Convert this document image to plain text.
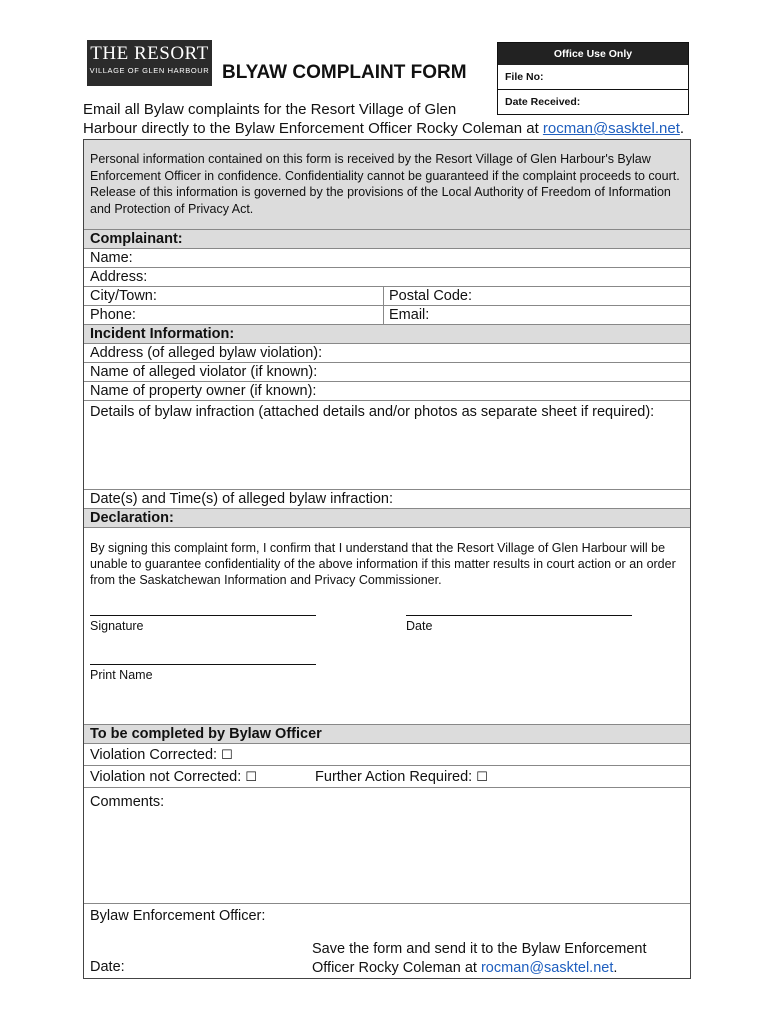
THE RESORT
VILLAGE OF GLEN HARBOUR BLYAW COMPLAINT FORM
Office Use Only
File No:
Date Received:

Email all Bylaw complaints for the Resort Village of Glen
Harbour directly to the Bylaw Enforcement Officer Rocky Coleman at rocman@sasktel.net.

Personal information contained on this form is received by the Resort Village of Glen Harbour's Bylaw Enforcement Officer in confidence. Confidentiality cannot be guaranteed if the complaint proceeds to court. Release of this information is governed by the provisions of the Local Authority of Freedom of Information and Protection of Privacy Act.
Complainant:
Name:
Address:
City/Town:	Postal Code:
Phone:	Email:
Incident Information:
Address (of alleged bylaw violation):
Name of alleged violator (if known):
Name of property owner (if known):
Details of bylaw infraction (attached details and/or photos as separate sheet if required):
Date(s) and Time(s) of alleged bylaw infraction:
Declaration:

By signing this complaint form, I confirm that I understand that the Resort Village of Glen Harbour will be unable to guarantee confidentiality of the above information if this matter results in court action or an order from the Saskatchewan Information and Privacy Commissioner.

Signature	Date
Print Name
To be completed by Bylaw Officer
Violation Corrected: ☐
Violation not Corrected: ☐	Further Action Required: ☐
Comments:
Bylaw Enforcement Officer:
Date:
Save the form and send it to the Bylaw Enforcement
Officer Rocky Coleman at rocman@sasktel.net.
